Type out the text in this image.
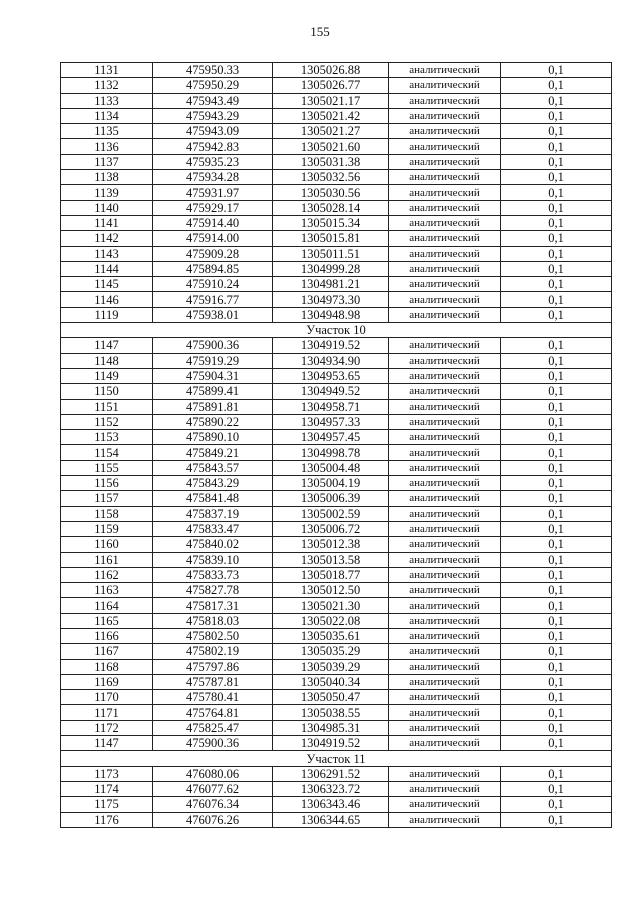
155
1131	475950.33	1305026.88	аналитический	0,1
1132	475950.29	1305026.77	аналитический	0,1
1133	475943.49	1305021.17	аналитический	0,1
1134	475943.29	1305021.42	аналитический	0,1
1135	475943.09	1305021.27	аналитический	0,1
1136	475942.83	1305021.60	аналитический	0,1
1137	475935.23	1305031.38	аналитический	0,1
1138	475934.28	1305032.56	аналитический	0,1
1139	475931.97	1305030.56	аналитический	0,1
1140	475929.17	1305028.14	аналитический	0,1
1141	475914.40	1305015.34	аналитический	0,1
1142	475914.00	1305015.81	аналитический	0,1
1143	475909.28	1305011.51	аналитический	0,1
1144	475894.85	1304999.28	аналитический	0,1
1145	475910.24	1304981.21	аналитический	0,1
1146	475916.77	1304973.30	аналитический	0,1
1119	475938.01	1304948.98	аналитический	0,1
Участок 10				
1147	475900.36	1304919.52	аналитический	0,1
1148	475919.29	1304934.90	аналитический	0,1
1149	475904.31	1304953.65	аналитический	0,1
1150	475899.41	1304949.52	аналитический	0,1
1151	475891.81	1304958.71	аналитический	0,1
1152	475890.22	1304957.33	аналитический	0,1
1153	475890.10	1304957.45	аналитический	0,1
1154	475849.21	1304998.78	аналитический	0,1
1155	475843.57	1305004.48	аналитический	0,1
1156	475843.29	1305004.19	аналитический	0,1
1157	475841.48	1305006.39	аналитический	0,1
1158	475837.19	1305002.59	аналитический	0,1
1159	475833.47	1305006.72	аналитический	0,1
1160	475840.02	1305012.38	аналитический	0,1
1161	475839.10	1305013.58	аналитический	0,1
1162	475833.73	1305018.77	аналитический	0,1
1163	475827.78	1305012.50	аналитический	0,1
1164	475817.31	1305021.30	аналитический	0,1
1165	475818.03	1305022.08	аналитический	0,1
1166	475802.50	1305035.61	аналитический	0,1
1167	475802.19	1305035.29	аналитический	0,1
1168	475797.86	1305039.29	аналитический	0,1
1169	475787.81	1305040.34	аналитический	0,1
1170	475780.41	1305050.47	аналитический	0,1
1171	475764.81	1305038.55	аналитический	0,1
1172	475825.47	1304985.31	аналитический	0,1
1147	475900.36	1304919.52	аналитический	0,1
Участок 11				
1173	476080.06	1306291.52	аналитический	0,1
1174	476077.62	1306323.72	аналитический	0,1
1175	476076.34	1306343.46	аналитический	0,1
1176	476076.26	1306344.65	аналитический	0,1
